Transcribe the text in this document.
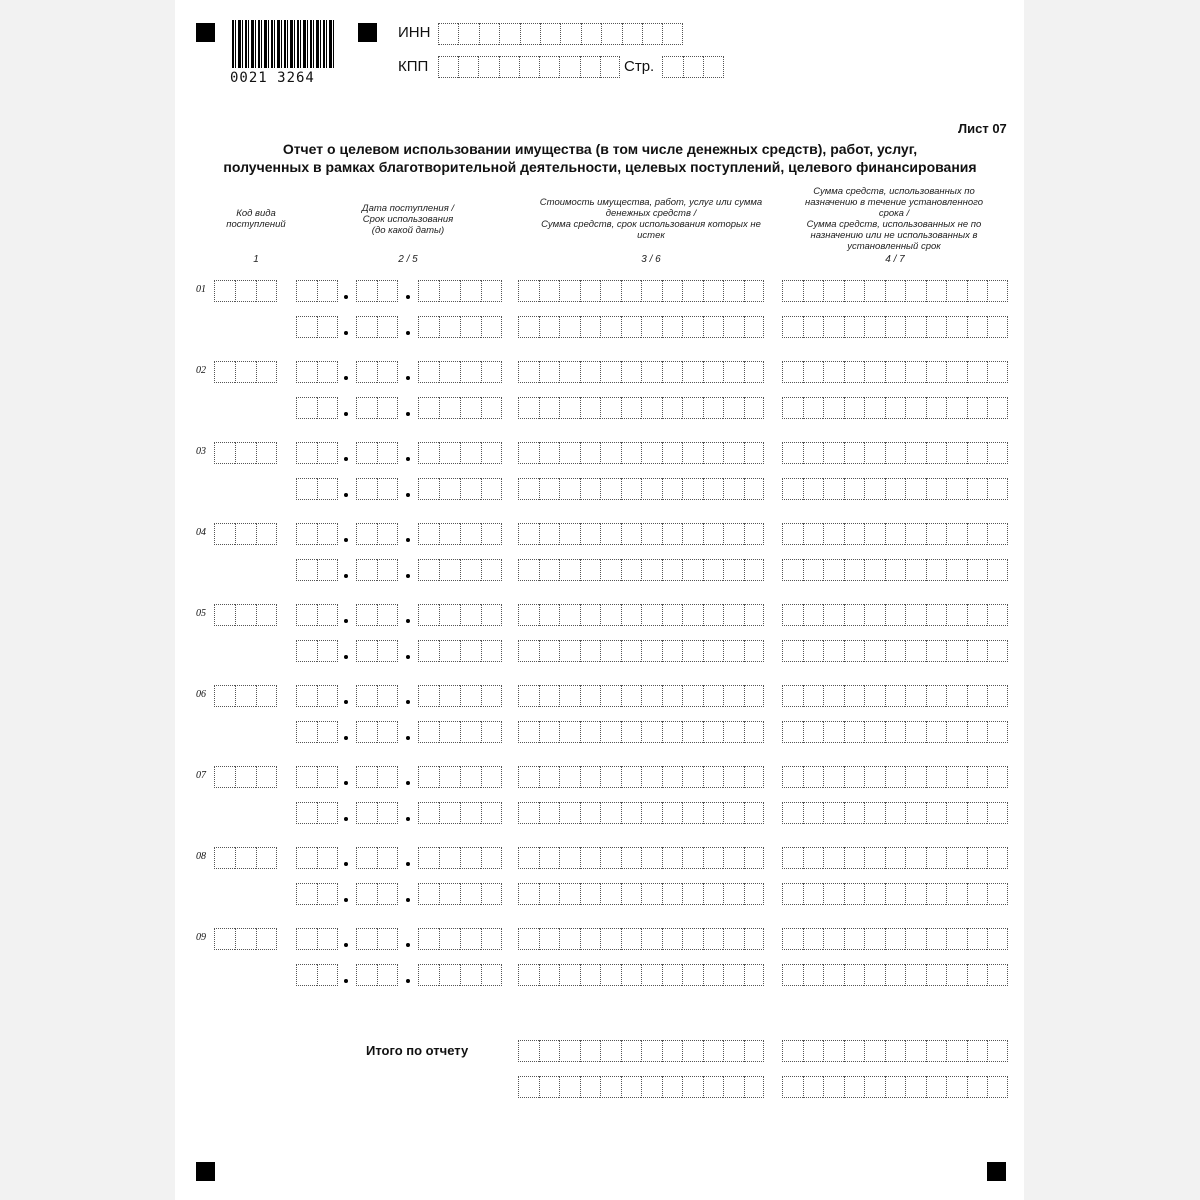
0021 3264
ИНН
КПП	Стр.
Лист 07
Отчет о целевом использовании имущества (в том числе денежных средств), работ, услуг,
полученных в рамках благотворительной деятельности, целевых поступлений, целевого финансирования
Код вида
поступлений
Дата поступления /
Срок использования
(до какой даты)
Стоимость имущества, работ, услуг или сумма
денежных средств /
Сумма средств, срок использования которых не
истек
Сумма средств, использованных по
назначению в течение установленного
срока /
Сумма средств, использованных не по
назначению или не использованных в
установленный срок
1	2 / 5	3 / 6	4 / 7
01
02
03
04
05
06
07
08
09
Итого по отчету
